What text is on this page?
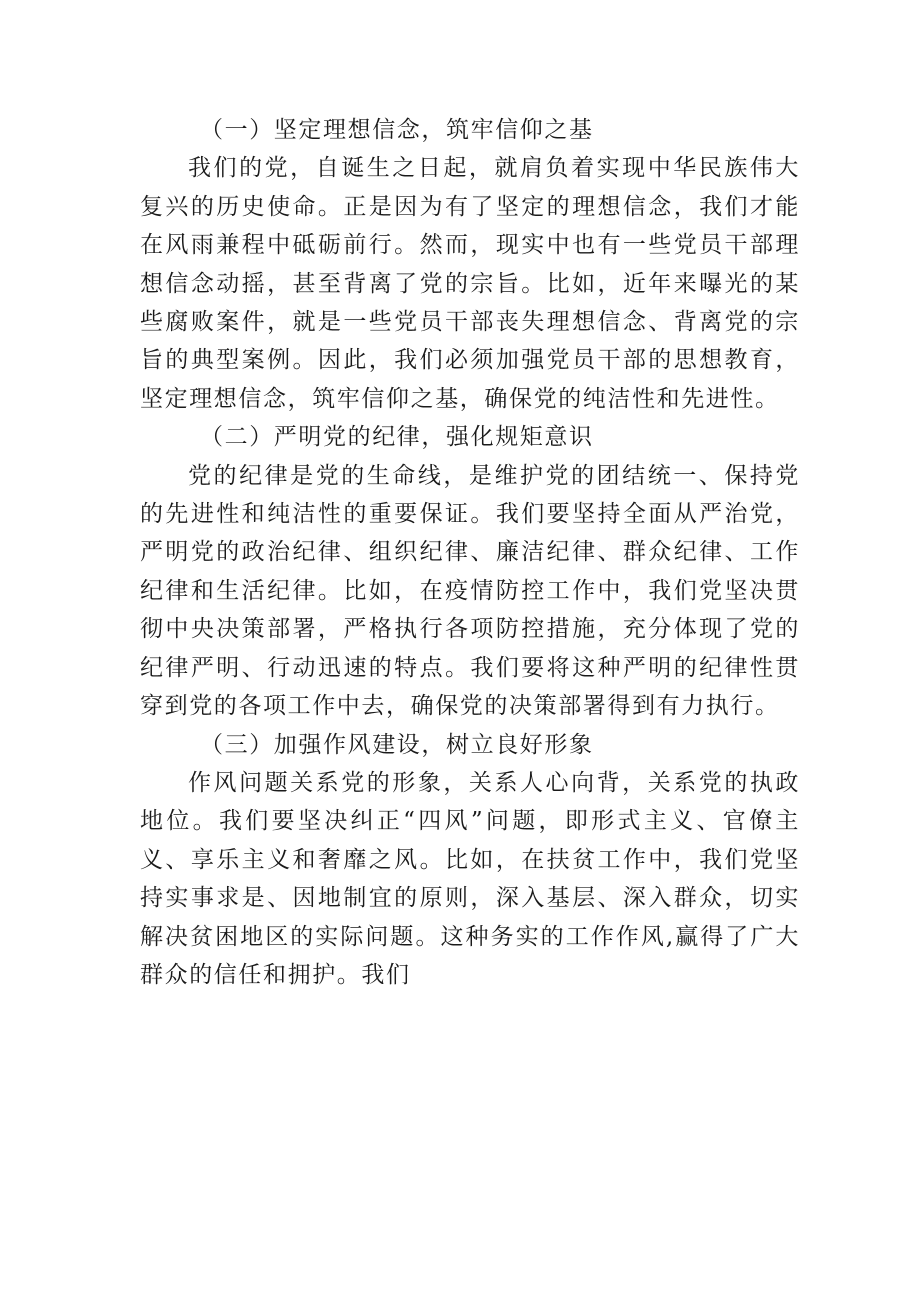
（一）坚定理想信念，筑牢信仰之基

我们的党，自诞生之日起，就肩负着实现中华民族伟大复兴的历史使命。正是因为有了坚定的理想信念，我们才能在风雨兼程中砥砺前行。然而，现实中也有一些党员干部理想信念动摇，甚至背离了党的宗旨。比如，近年来曝光的某些腐败案件，就是一些党员干部丧失理想信念、背离党的宗旨的典型案例。因此，我们必须加强党员干部的思想教育，坚定理想信念，筑牢信仰之基，确保党的纯洁性和先进性。

（二）严明党的纪律，强化规矩意识

党的纪律是党的生命线，是维护党的团结统一、保持党的先进性和纯洁性的重要保证。我们要坚持全面从严治党，严明党的政治纪律、组织纪律、廉洁纪律、群众纪律、工作纪律和生活纪律。比如，在疫情防控工作中，我们党坚决贯彻中央决策部署，严格执行各项防控措施，充分体现了党的纪律严明、行动迅速的特点。我们要将这种严明的纪律性贯穿到党的各项工作中去，确保党的决策部署得到有力执行。

（三）加强作风建设，树立良好形象

作风问题关系党的形象，关系人心向背，关系党的执政地位。我们要坚决纠正“四风”问题，即形式主义、官僚主义、享乐主义和奢靡之风。比如，在扶贫工作中，我们党坚持实事求是、因地制宜的原则，深入基层、深入群众，切实解决贫困地区的实际问题。这种务实的工作作风,赢得了广大群众的信任和拥护。我们
